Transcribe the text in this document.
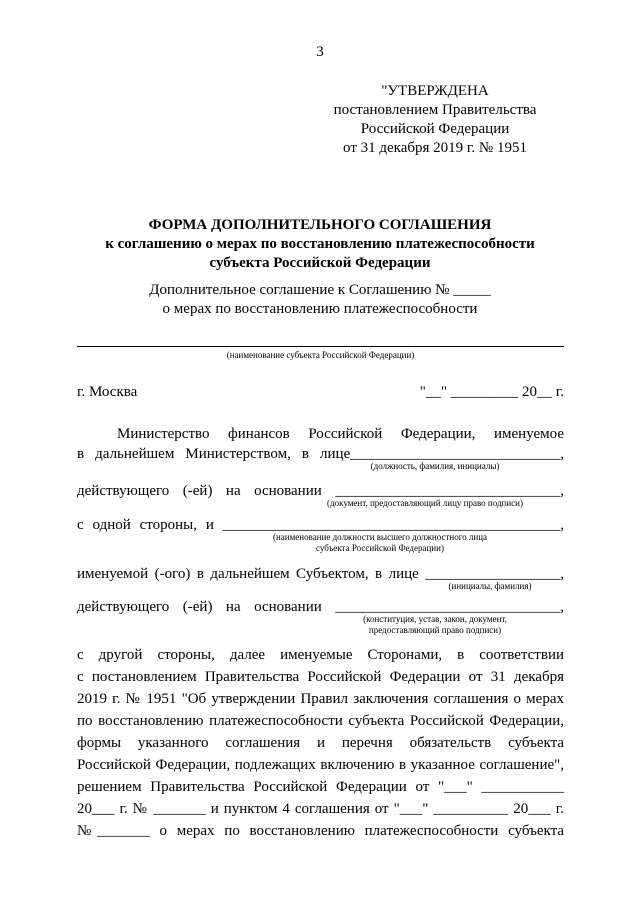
3
"УТВЕРЖДЕНА
постановлением Правительства
Российской Федерации
от 31 декабря 2019 г. № 1951
ФОРМА ДОПОЛНИТЕЛЬНОГО СОГЛАШЕНИЯ
к соглашению о мерах по восстановлению платежеспособности
субъекта Российской Федерации
Дополнительное соглашение к Соглашению № _____
о мерах по восстановлению платежеспособности
(наименование субъекта Российской Федерации)
г. Москва	"__" _________ 20__ г.
Министерство финансов Российской Федерации, именуемое
в дальнейшем Министерством, в лице____________________________,
(должность, фамилия, инициалы)
действующего (-ей) на основании ______________________________,
(документ, предоставляющий лицу право подписи)
с одной стороны, и _____________________________________________,
(наименование должности высшего должностного лица
субъекта Российской Федерации)
именуемой (-ого) в дальнейшем Субъектом, в лице __________________,
(инициалы, фамилия)
действующего (-ей) на основании ______________________________,
(конституция, устав, закон, документ,
предоставляющий право подписи)
с другой стороны, далее именуемые Сторонами, в соответствии
с постановлением Правительства Российской Федерации от 31 декабря
2019 г. № 1951 "Об утверждении Правил заключения соглашения о мерах
по восстановлению платежеспособности субъекта Российской Федерации,
формы указанного соглашения и перечня обязательств субъекта
Российской Федерации, подлежащих включению в указанное соглашение",
решением Правительства Российской Федерации от "___" ___________
20___ г. № _______ и пунктом 4 соглашения от "___" __________ 20___ г.
№_______ о мерах по восстановлению платежеспособности субъекта
